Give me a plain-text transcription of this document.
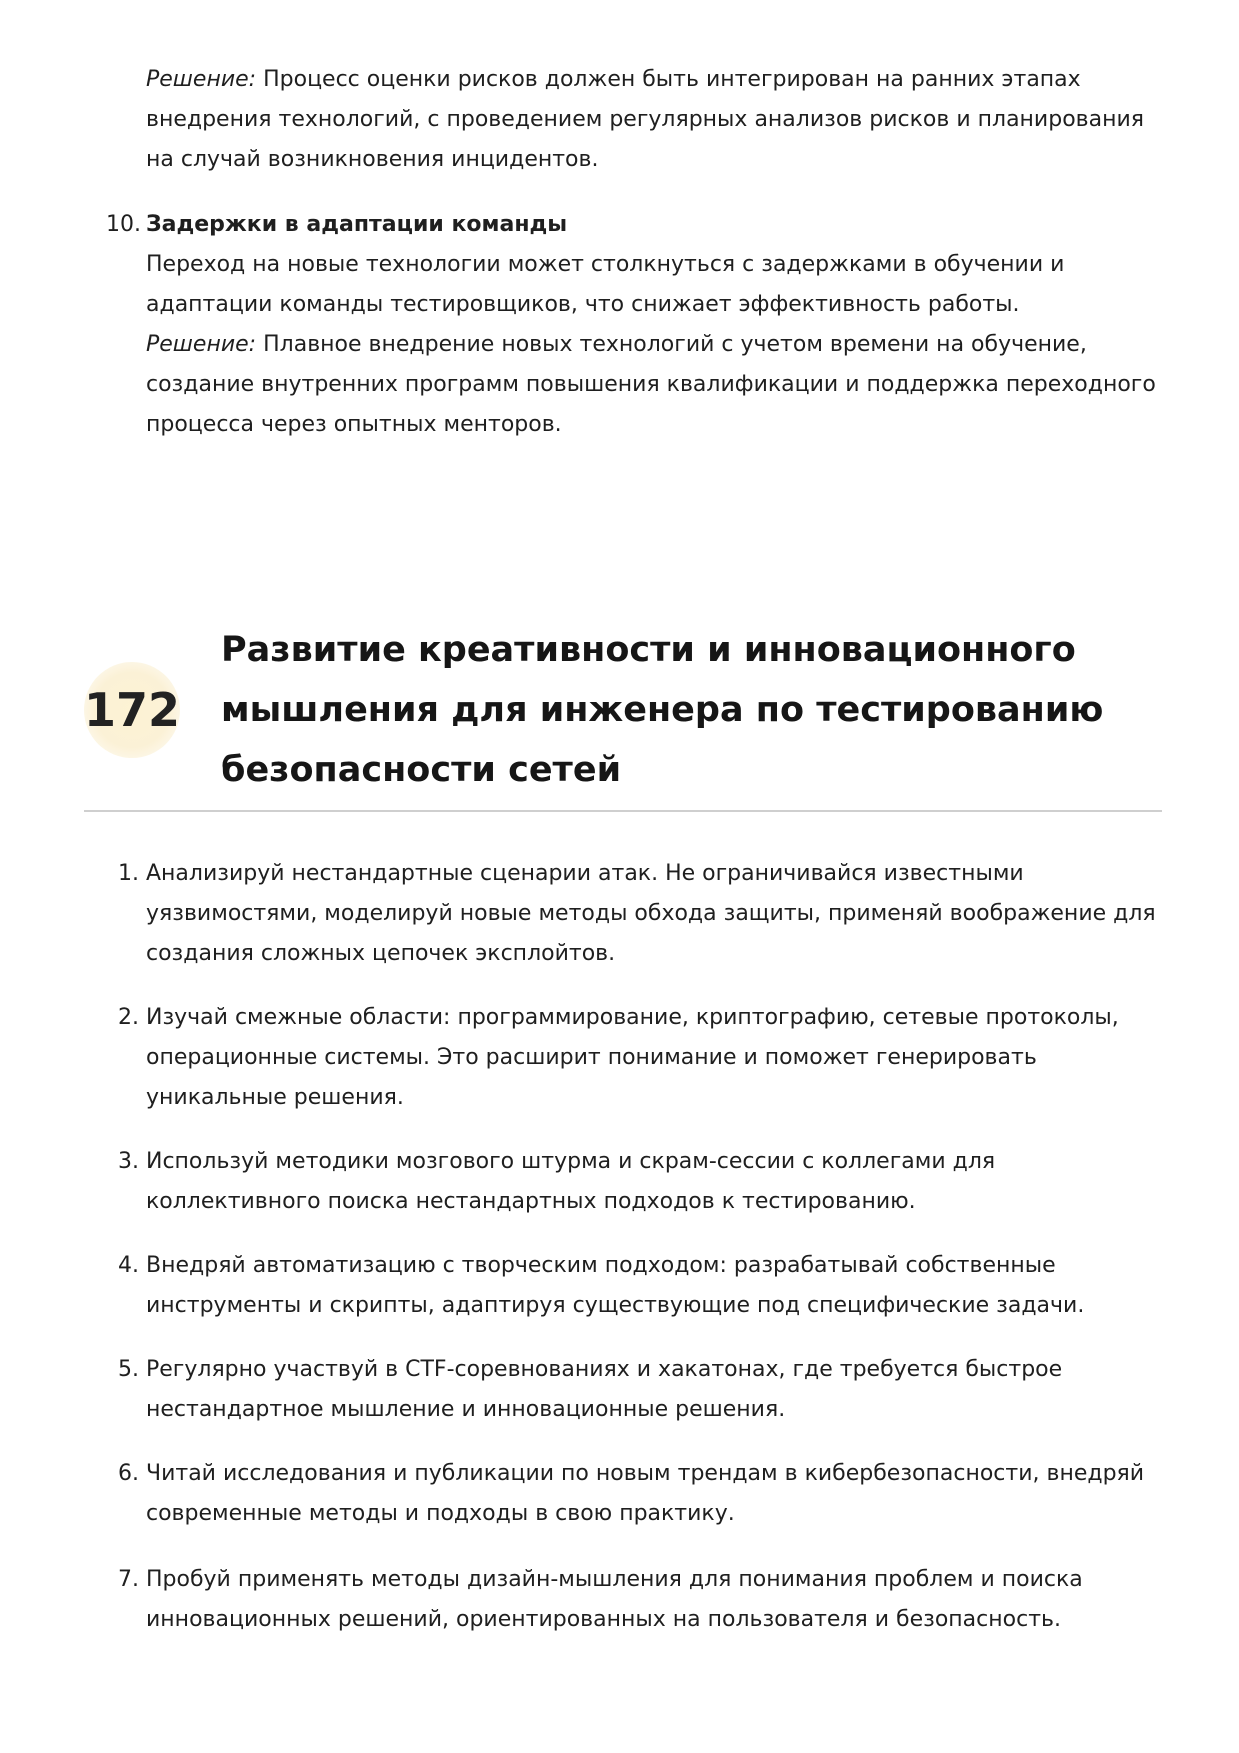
Решение: Процесс оценки рисков должен быть интегрирован на ранних этапах
внедрения технологий, с проведением регулярных анализов рисков и планирования
на случай возникновения инцидентов.
10. Задержки в адаптации команды
Переход на новые технологии может столкнуться с задержками в обучении и
адаптации команды тестировщиков, что снижает эффективность работы.
Решение: Плавное внедрение новых технологий с учетом времени на обучение,
создание внутренних программ повышения квалификации и поддержка переходного
процесса через опытных менторов.
172
Развитие креативности и инновационного
мышления для инженера по тестированию
безопасности сетей
1. Анализируй нестандартные сценарии атак. Не ограничивайся известными
уязвимостями, моделируй новые методы обхода защиты, применяй воображение для
создания сложных цепочек эксплойтов.
2. Изучай смежные области: программирование, криптографию, сетевые протоколы,
операционные системы. Это расширит понимание и поможет генерировать
уникальные решения.
3. Используй методики мозгового штурма и скрам-сессии с коллегами для
коллективного поиска нестандартных подходов к тестированию.
4. Внедряй автоматизацию с творческим подходом: разрабатывай собственные
инструменты и скрипты, адаптируя существующие под специфические задачи.
5. Регулярно участвуй в CTF-соревнованиях и хакатонах, где требуется быстрое
нестандартное мышление и инновационные решения.
6. Читай исследования и публикации по новым трендам в кибербезопасности, внедряй
современные методы и подходы в свою практику.
7. Пробуй применять методы дизайн-мышления для понимания проблем и поиска
инновационных решений, ориентированных на пользователя и безопасность.
